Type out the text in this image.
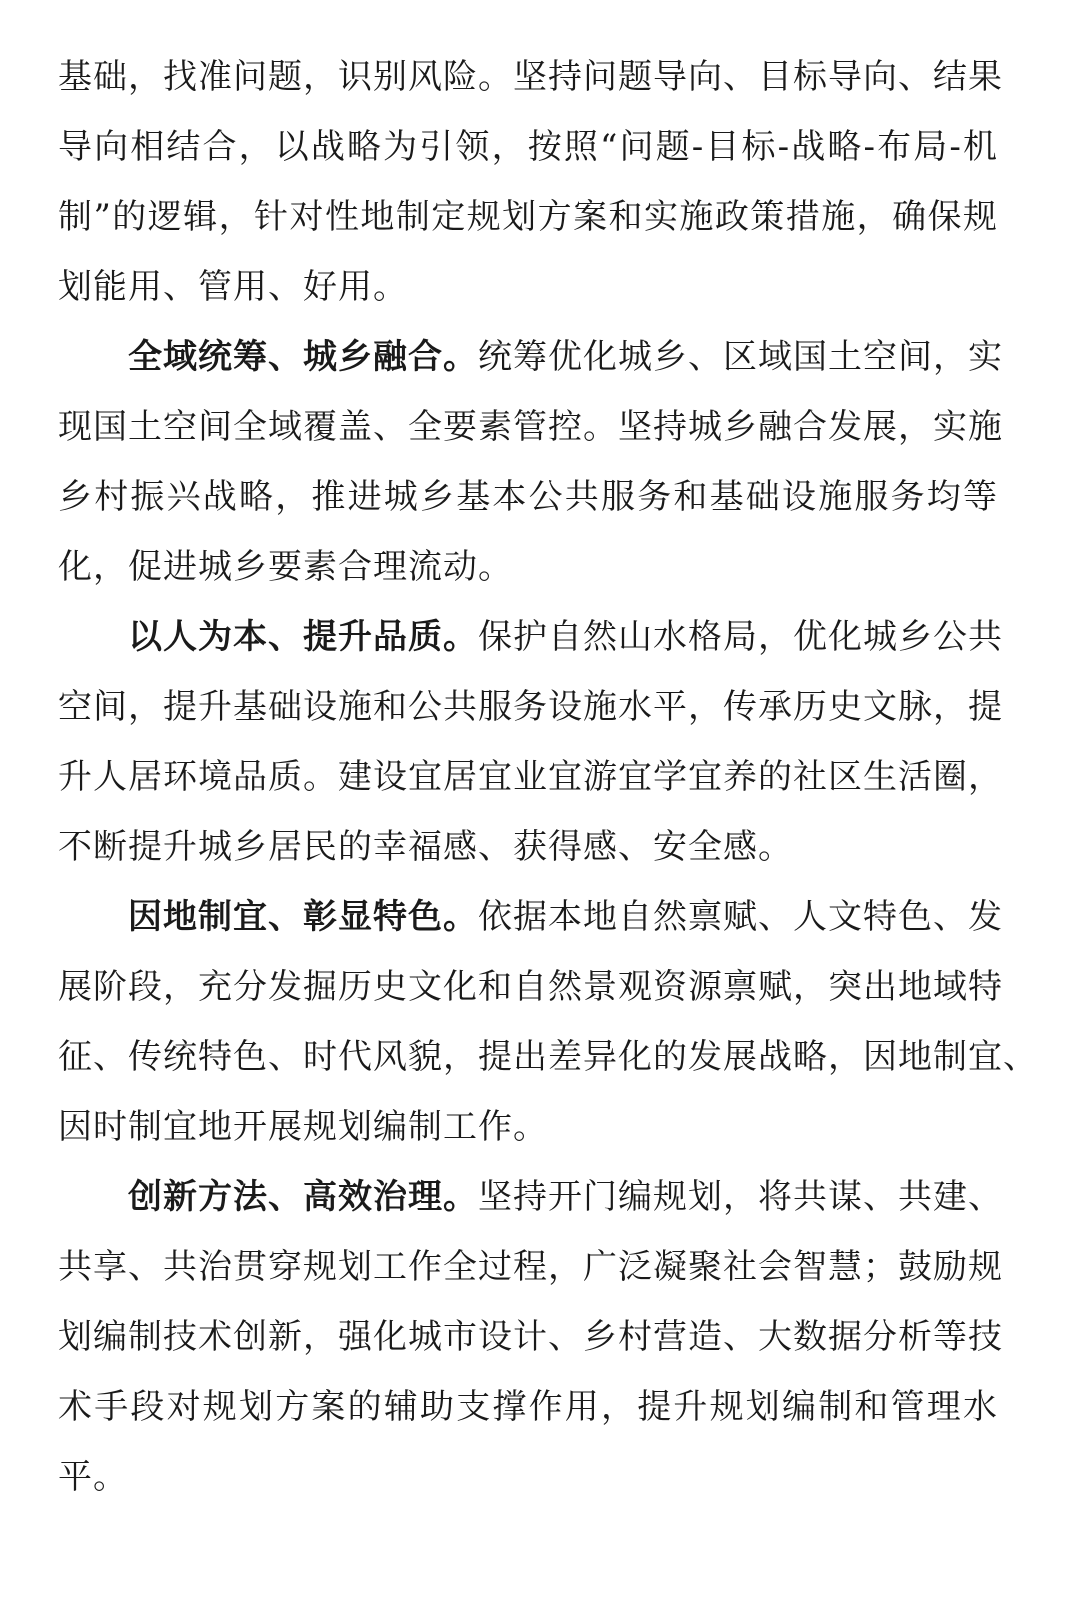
基础，找准问题，识别风险。坚持问题导向、目标导向、结果
导向相结合，以战略为引领，按照“问题-目标-战略-布局-机
制”的逻辑，针对性地制定规划方案和实施政策措施，确保规
划能用、管用、好用。
全域统筹、城乡融合。统筹优化城乡、区域国土空间，实
现国土空间全域覆盖、全要素管控。坚持城乡融合发展，实施
乡村振兴战略，推进城乡基本公共服务和基础设施服务均等
化，促进城乡要素合理流动。
以人为本、提升品质。保护自然山水格局，优化城乡公共
空间，提升基础设施和公共服务设施水平，传承历史文脉，提
升人居环境品质。建设宜居宜业宜游宜学宜养的社区生活圈，
不断提升城乡居民的幸福感、获得感、安全感。
因地制宜、彰显特色。依据本地自然禀赋、人文特色、发
展阶段，充分发掘历史文化和自然景观资源禀赋，突出地域特
征、传统特色、时代风貌，提出差异化的发展战略，因地制宜、
因时制宜地开展规划编制工作。
创新方法、高效治理。坚持开门编规划，将共谋、共建、
共享、共治贯穿规划工作全过程，广泛凝聚社会智慧；鼓励规
划编制技术创新，强化城市设计、乡村营造、大数据分析等技
术手段对规划方案的辅助支撑作用，提升规划编制和管理水
平。
